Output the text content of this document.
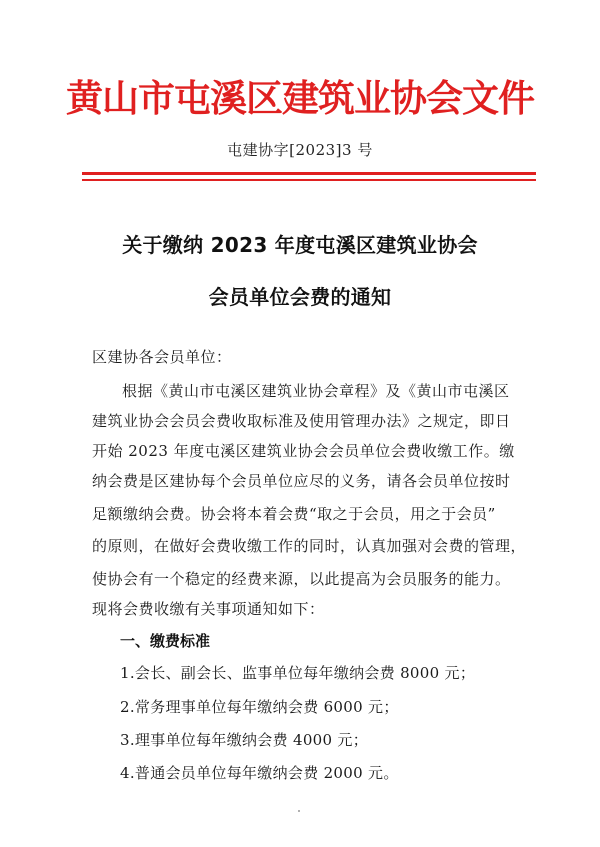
黄山市屯溪区建筑业协会文件
屯建协字[2023]3 号
关于缴纳 2023 年度屯溪区建筑业协会
会员单位会费的通知
区建协各会员单位：
根据《黄山市屯溪区建筑业协会章程》及《黄山市屯溪区
建筑业协会会员会费收取标准及使用管理办法》之规定，即日
开始 2023 年度屯溪区建筑业协会会员单位会费收缴工作。缴
纳会费是区建协每个会员单位应尽的义务，请各会员单位按时
足额缴纳会费。协会将本着会费“取之于会员，用之于会员”
的原则，在做好会费收缴工作的同时，认真加强对会费的管理，
使协会有一个稳定的经费来源，以此提高为会员服务的能力。
现将会费收缴有关事项通知如下：
一、缴费标准
1.会长、副会长、监事单位每年缴纳会费 8000 元；
2.常务理事单位每年缴纳会费 6000 元；
3.理事单位每年缴纳会费 4000 元；
4.普通会员单位每年缴纳会费 2000 元。
